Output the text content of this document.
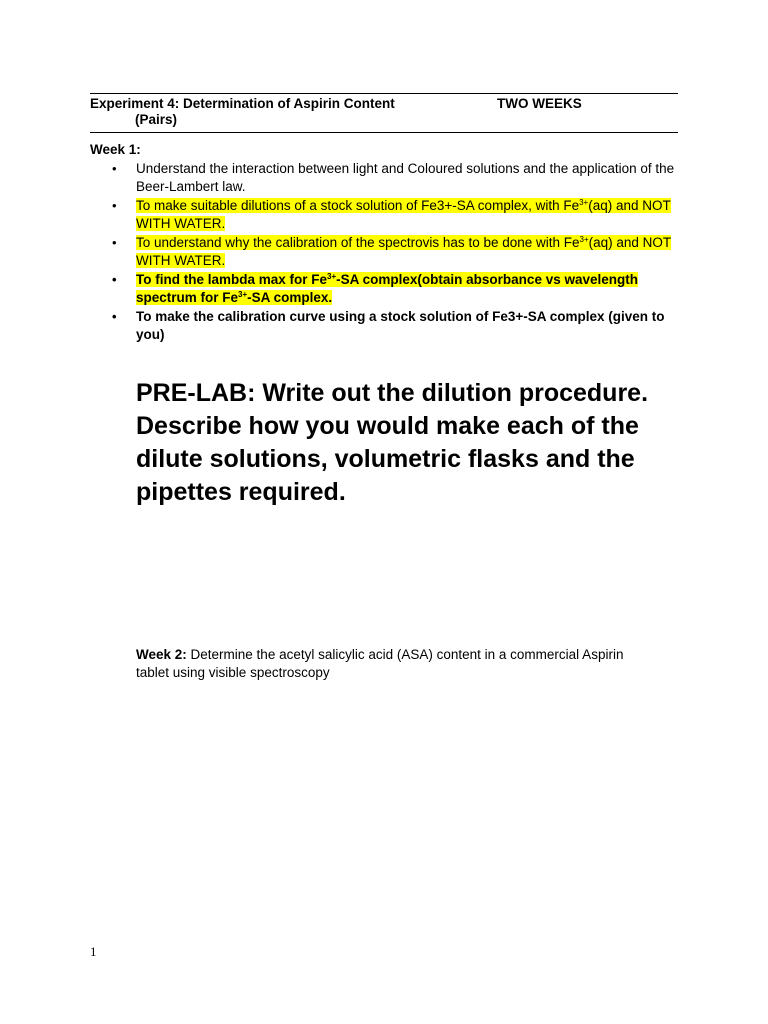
Experiment 4: Determination of Aspirin Content
(Pairs)
TWO WEEKS
Week 1:
• Understand the interaction between light and Coloured solutions and the application of the Beer-Lambert law.
• To make suitable dilutions of a stock solution of Fe3+-SA complex, with $Fe^{3+}(aq)$ and NOT WITH WATER.
• To understand why the calibration of the spectrovis has to be done with $Fe^{3+}(aq)$ and NOT WITH WATER.
• To find the lambda max for $Fe^{3+}-SA$ complex(obtain absorbance vs wavelength spectrum for $Fe^{3+}-SA$ complex.
• To make the calibration curve using a stock solution of Fe3+-SA complex (given to you)
PRE-LAB: Write out the dilution procedure. Describe how you would make each of the dilute solutions, volumetric flasks and the pipettes required.
Week 2: Determine the acetyl salicylic acid (ASA) content in a commercial Aspirin tablet using visible spectroscopy
1
